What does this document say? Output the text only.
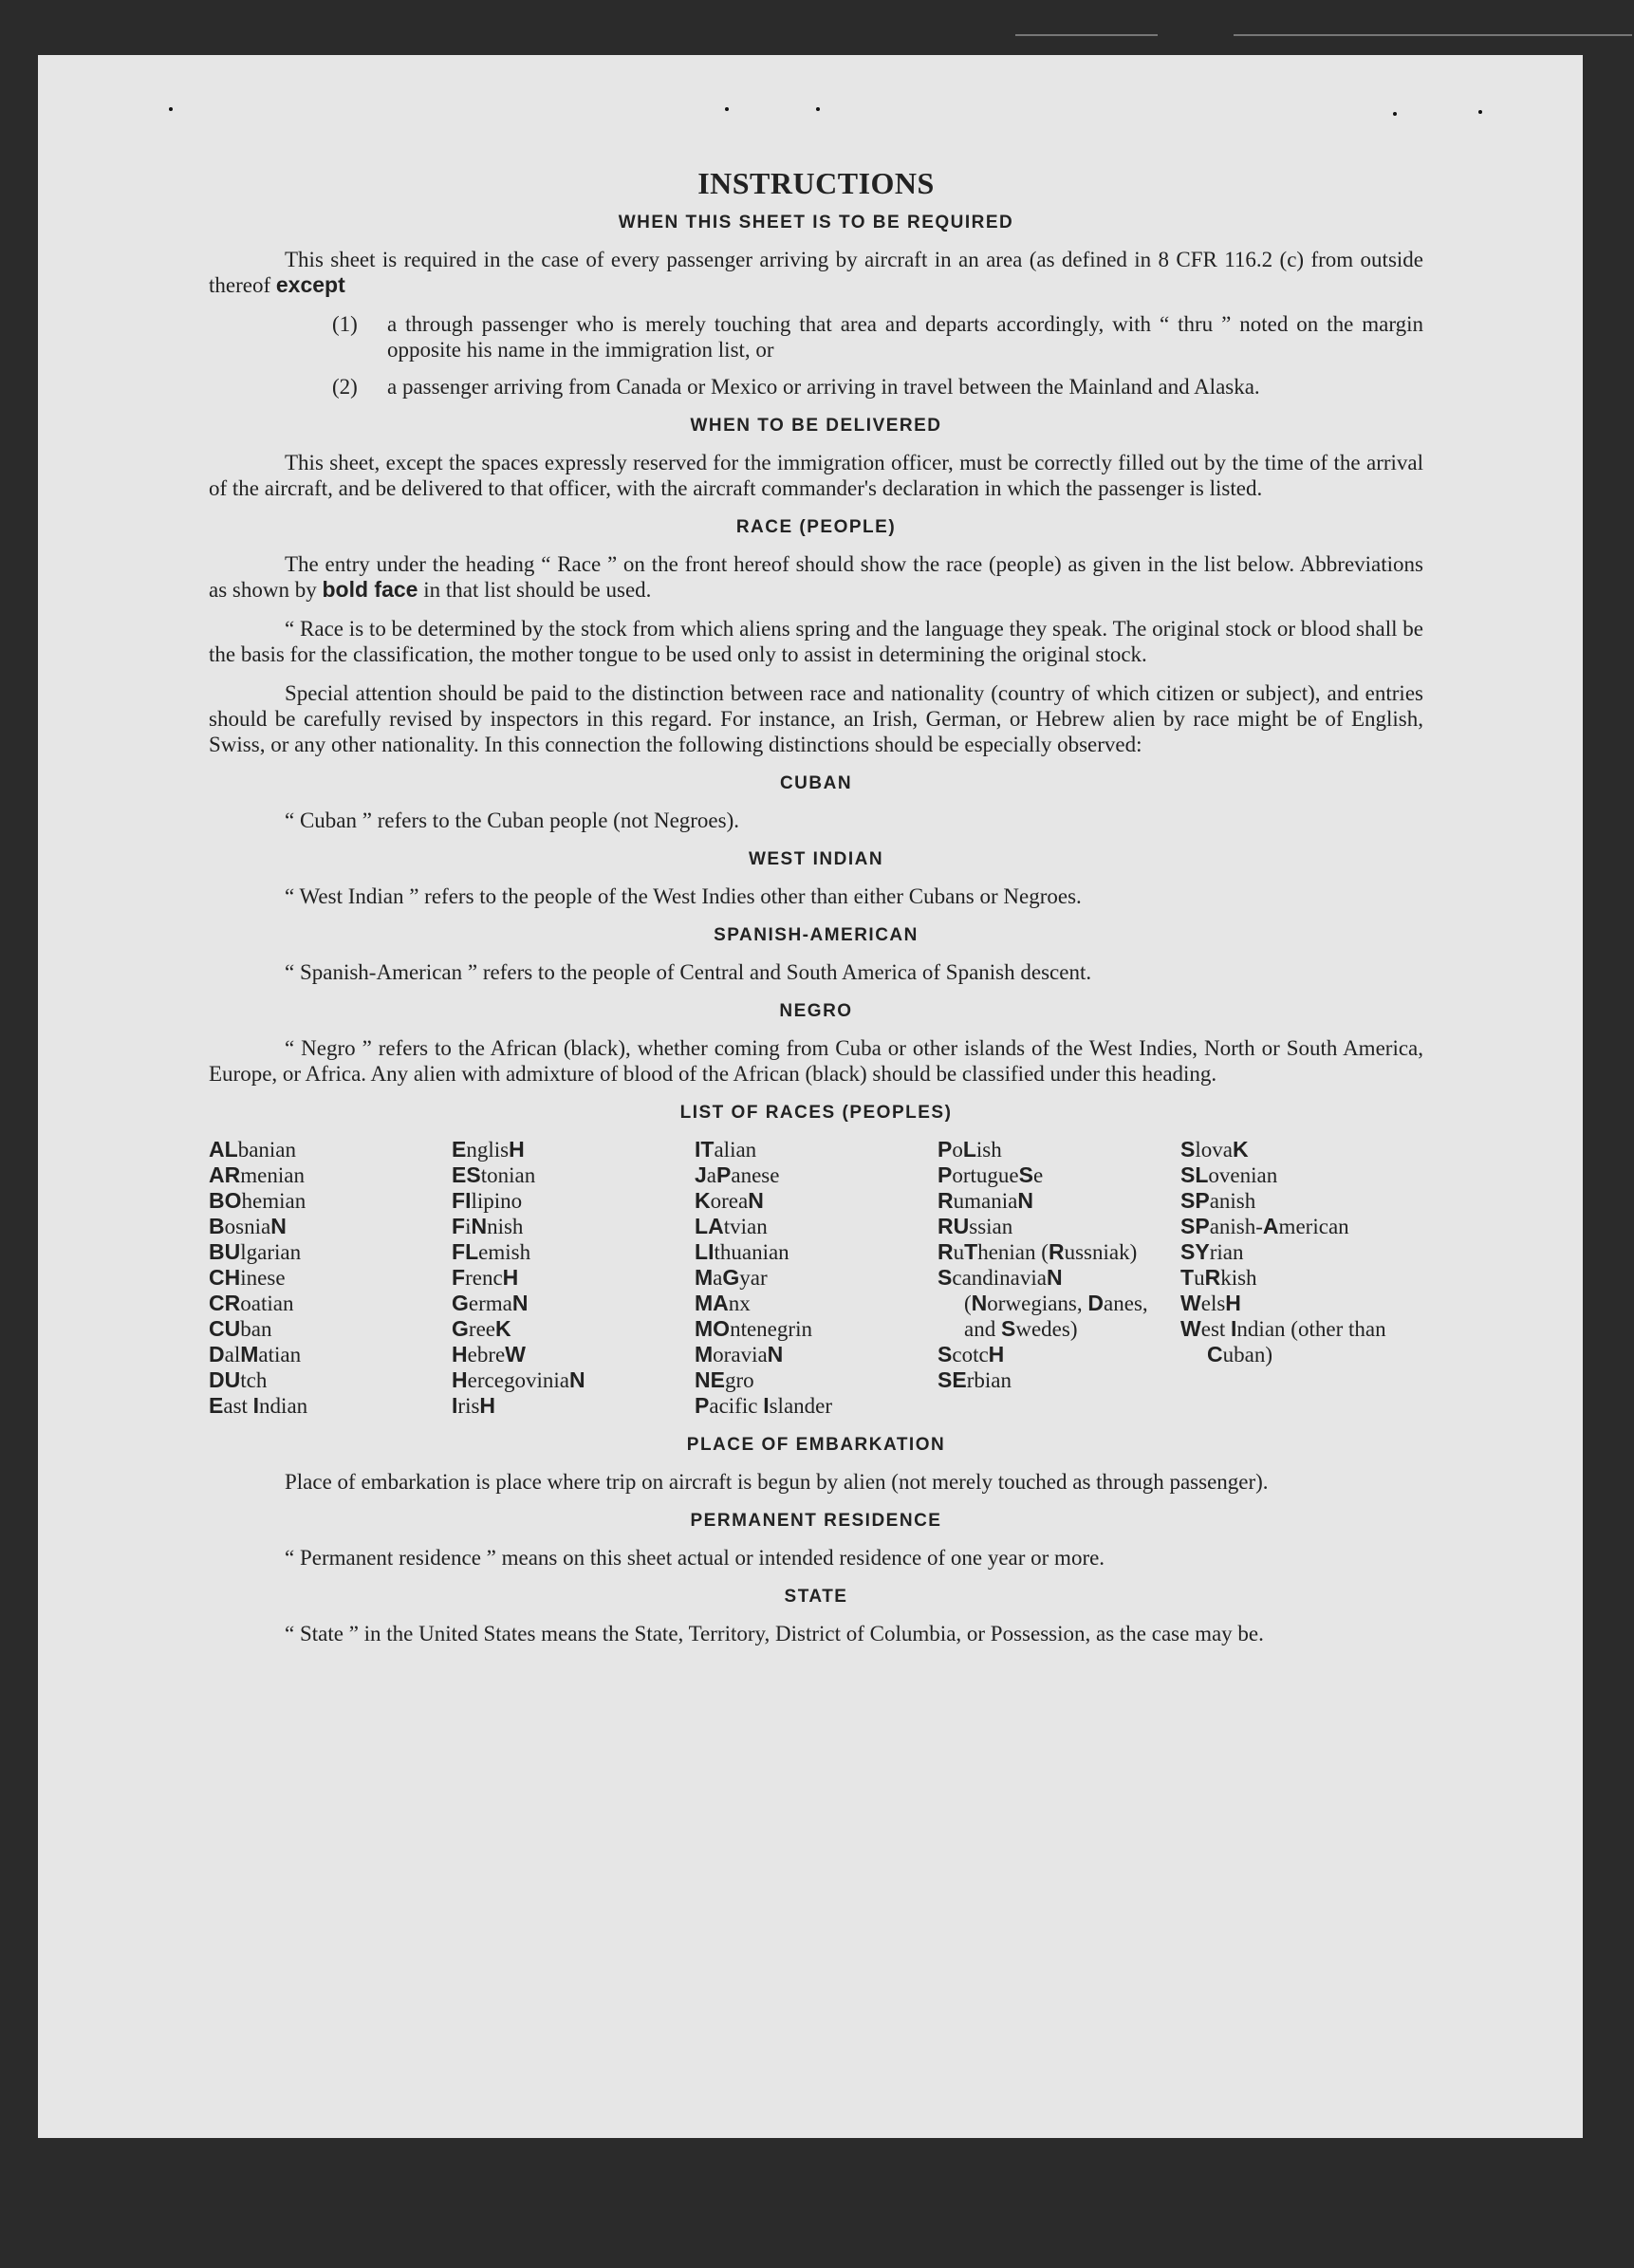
INSTRUCTIONS
WHEN THIS SHEET IS TO BE REQUIRED

This sheet is required in the case of every passenger arriving by aircraft in an area (as defined in 8 CFR 116.2 (c) from outside thereof except

(1)	a through passenger who is merely touching that area and departs accordingly, with “ thru ” noted on the margin opposite his name in the immigration list, or
(2)	a passenger arriving from Canada or Mexico or arriving in travel between the Mainland and Alaska.
WHEN TO BE DELIVERED

This sheet, except the spaces expressly reserved for the immigration officer, must be correctly filled out by the time of the arrival of the aircraft, and be delivered to that officer, with the aircraft commander's declaration in which the passenger is listed.

RACE (PEOPLE)

The entry under the heading “ Race ” on the front hereof should show the race (people) as given in the list below. Abbreviations as shown by bold face in that list should be used.

“ Race is to be determined by the stock from which aliens spring and the language they speak. The original stock or blood shall be the basis for the classification, the mother tongue to be used only to assist in determining the original stock.

Special attention should be paid to the distinction between race and nationality (country of which citizen or subject), and entries should be carefully revised by inspectors in this regard. For instance, an Irish, German, or Hebrew alien by race might be of English, Swiss, or any other nationality. In this connection the following distinctions should be especially observed:

CUBAN

“ Cuban ” refers to the Cuban people (not Negroes).

WEST INDIAN

“ West Indian ” refers to the people of the West Indies other than either Cubans or Negroes.

SPANISH-AMERICAN

“ Spanish-American ” refers to the people of Central and South America of Spanish descent.

NEGRO

“ Negro ” refers to the African (black), whether coming from Cuba or other islands of the West Indies, North or South America, Europe, or Africa. Any alien with admixture of blood of the African (black) should be classified under this heading.

LIST OF RACES (PEOPLES)
ALbanian
ARmenian
BOhemian
BosniaN
BUlgarian
CHinese
CRoatian
CUban
DalMatian
DUtch
East Indian
EnglisH
EStonian
FIlipino
FiNnish
FLemish
FrencH
GermaN
GreeK
HebreW
HercegoviniaN
IrisH
ITalian
JaPanese
KoreaN
LAtvian
LIthuanian
MaGyar
MAnx
MOntenegrin
MoraviaN
NEgro
Pacific Islander
PoLish
PortugueSe
RumaniaN
RUssian
RuThenian (Russniak)
ScandinaviaN (Norwegians, Danes, and Swedes)
ScotcH
SErbian
SlovaK
SLovenian
SPanish
SPanish-American
SYrian
TuRkish
WelsH
West Indian (other than Cuban)
PLACE OF EMBARKATION

Place of embarkation is place where trip on aircraft is begun by alien (not merely touched as through passenger).

PERMANENT RESIDENCE

“ Permanent residence ” means on this sheet actual or intended residence of one year or more.

STATE

“ State ” in the United States means the State, Territory, District of Columbia, or Possession, as the case may be.
